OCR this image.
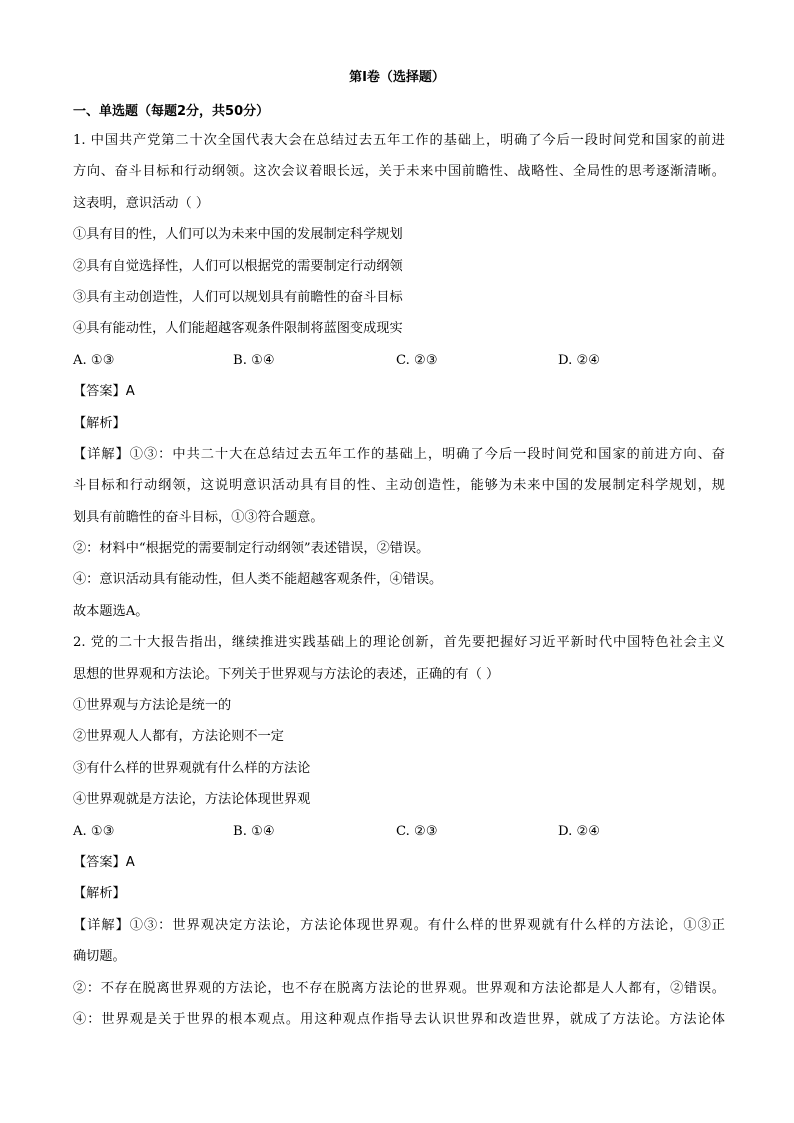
第Ⅰ卷（选择题）
一、单选题（每题2分，共50分）
1. 中国共产党第二十次全国代表大会在总结过去五年工作的基础上，明确了今后一段时间党和国家的前进
方向、奋斗目标和行动纲领。这次会议着眼长远，关于未来中国前瞻性、战略性、全局性的思考逐渐清晰。
这表明，意识活动（ ）
①具有目的性，人们可以为未来中国的发展制定科学规划
②具有自觉选择性，人们可以根据党的需要制定行动纲领
③具有主动创造性，人们可以规划具有前瞻性的奋斗目标
④具有能动性，人们能超越客观条件限制将蓝图变成现实
A. ①③	B. ①④	C. ②③	D. ②④
【答案】A
【解析】
【详解】①③：中共二十大在总结过去五年工作的基础上，明确了今后一段时间党和国家的前进方向、奋
斗目标和行动纲领，这说明意识活动具有目的性、主动创造性，能够为未来中国的发展制定科学规划，规
划具有前瞻性的奋斗目标，①③符合题意。
②：材料中“根据党的需要制定行动纲领”表述错误，②错误。
④：意识活动具有能动性，但人类不能超越客观条件，④错误。
故本题选A。
2. 党的二十大报告指出，继续推进实践基础上的理论创新，首先要把握好习近平新时代中国特色社会主义
思想的世界观和方法论。下列关于世界观与方法论的表述，正确的有（ ）
①世界观与方法论是统一的
②世界观人人都有，方法论则不一定
③有什么样的世界观就有什么样的方法论
④世界观就是方法论，方法论体现世界观
A. ①③	B. ①④	C. ②③	D. ②④
【答案】A
【解析】
【详解】①③：世界观决定方法论，方法论体现世界观。有什么样的世界观就有什么样的方法论，①③正
确切题。
②：不存在脱离世界观的方法论，也不存在脱离方法论的世界观。世界观和方法论都是人人都有，②错误。
④：世界观是关于世界的根本观点。用这种观点作指导去认识世界和改造世界，就成了方法论。方法论体
